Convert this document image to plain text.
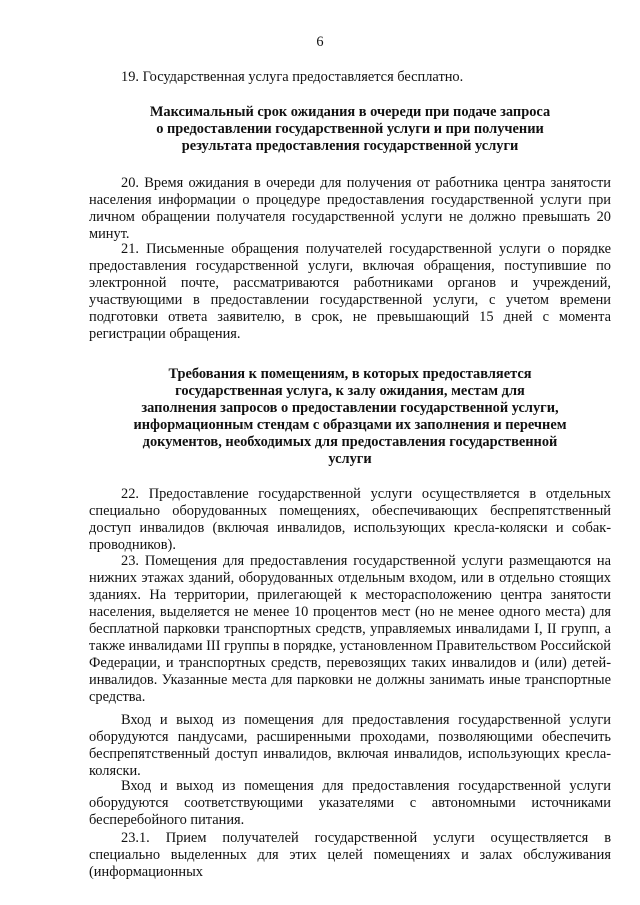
6

19. Государственная услуга предоставляется бесплатно.

Максимальный срок ожидания в очереди при подаче запроса
о предоставлении государственной услуги и при получении
результата предоставления государственной услуги

20. Время ожидания в очереди для получения от работника центра занятости населения информации о процедуре предоставления государственной услуги при личном обращении получателя государственной услуги не должно превышать 20 минут.

21. Письменные обращения получателей государственной услуги о порядке предоставления государственной услуги, включая обращения, поступившие по электронной почте, рассматриваются работниками органов и учреждений, участвующими в предоставлении государственной услуги, с учетом времени подготовки ответа заявителю, в срок, не превышающий 15 дней с момента регистрации обращения.

Требования к помещениям, в которых предоставляется
государственная услуга, к залу ожидания, местам для
заполнения запросов о предоставлении государственной услуги,
информационным стендам с образцами их заполнения и перечнем
документов, необходимых для предоставления государственной
услуги

22. Предоставление государственной услуги осуществляется в отдельных специально оборудованных помещениях, обеспечивающих беспрепятственный доступ инвалидов (включая инвалидов, использующих кресла-коляски и собак-проводников).

23. Помещения для предоставления государственной услуги размещаются на нижних этажах зданий, оборудованных отдельным входом, или в отдельно стоящих зданиях. На территории, прилегающей к месторасположению центра занятости населения, выделяется не менее 10 процентов мест (но не менее одного места) для бесплатной парковки транспортных средств, управляемых инвалидами I, II групп, а также инвалидами III группы в порядке, установленном Правительством Российской Федерации, и транспортных средств, перевозящих таких инвалидов и (или) детей-инвалидов. Указанные места для парковки не должны занимать иные транспортные средства.

Вход и выход из помещения для предоставления государственной услуги оборудуются пандусами, расширенными проходами, позволяющими обеспечить беспрепятственный доступ инвалидов, включая инвалидов, использующих кресла-коляски.

Вход и выход из помещения для предоставления государственной услуги оборудуются соответствующими указателями с автономными источниками бесперебойного питания.

23.1. Прием получателей государственной услуги осуществляется в специально выделенных для этих целей помещениях и залах обслуживания (информационных
